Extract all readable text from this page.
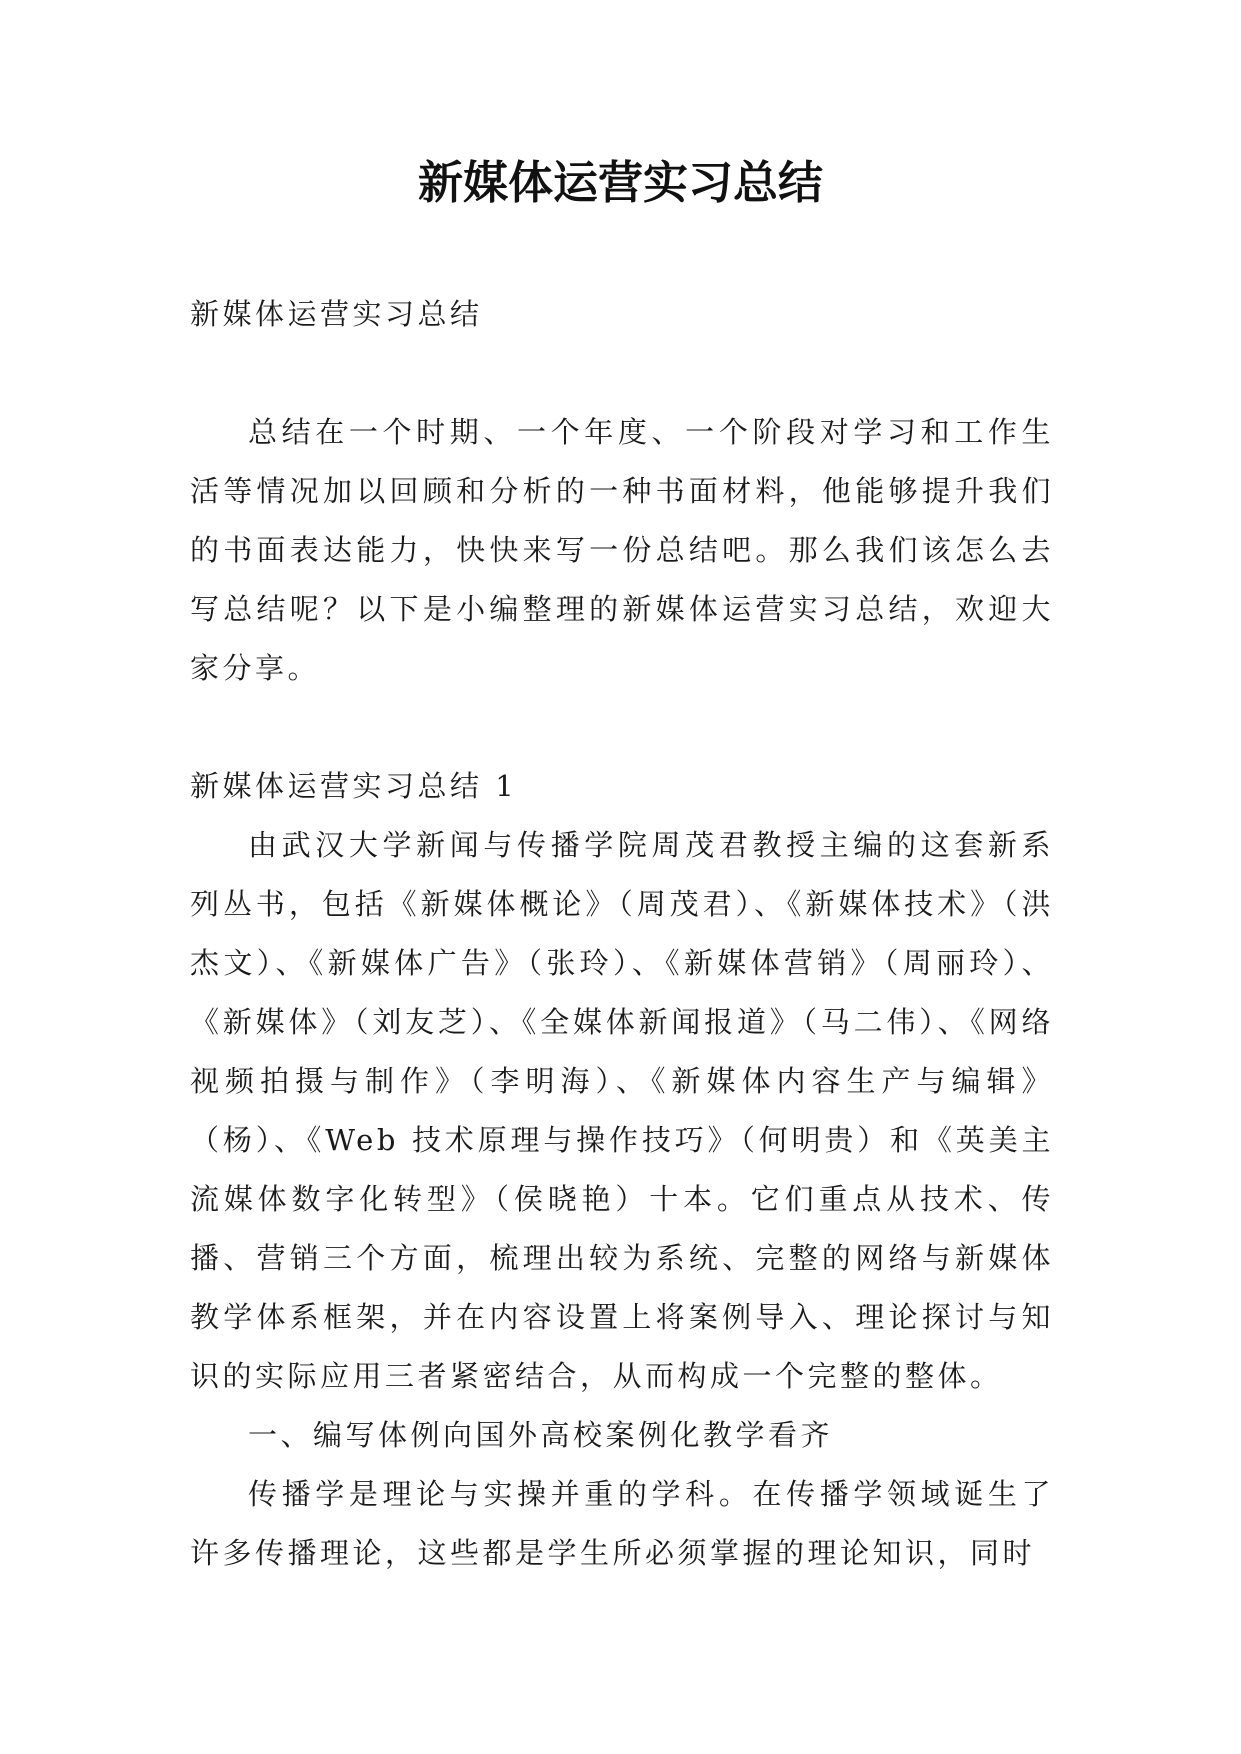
新媒体运营实习总结

新媒体运营实习总结

总结在一个时期、一个年度、一个阶段对学习和工作生活等情况加以回顾和分析的一种书面材料，他能够提升我们的书面表达能力，快快来写一份总结吧。那么我们该怎么去写总结呢？以下是小编整理的新媒体运营实习总结，欢迎大家分享。

新媒体运营实习总结 1

由武汉大学新闻与传播学院周茂君教授主编的这套新系列丛书，包括《新媒体概论》（周茂君）、《新媒体技术》（洪杰文）、《新媒体广告》（张玲）、《新媒体营销》（周丽玲）、《新媒体》（刘友芝）、《全媒体新闻报道》（马二伟）、《网络视频拍摄与制作》（李明海）、《新媒体内容生产与编辑》（杨）、《Web 技术原理与操作技巧》（何明贵）和《英美主流媒体数字化转型》（侯晓艳）十本。它们重点从技术、传播、营销三个方面，梳理出较为系统、完整的网络与新媒体教学体系框架，并在内容设置上将案例导入、理论探讨与知识的实际应用三者紧密结合，从而构成一个完整的整体。

一、编写体例向国外高校案例化教学看齐

传播学是理论与实操并重的学科。在传播学领域诞生了许多传播理论，这些都是学生所必须掌握的理论知识，同时
